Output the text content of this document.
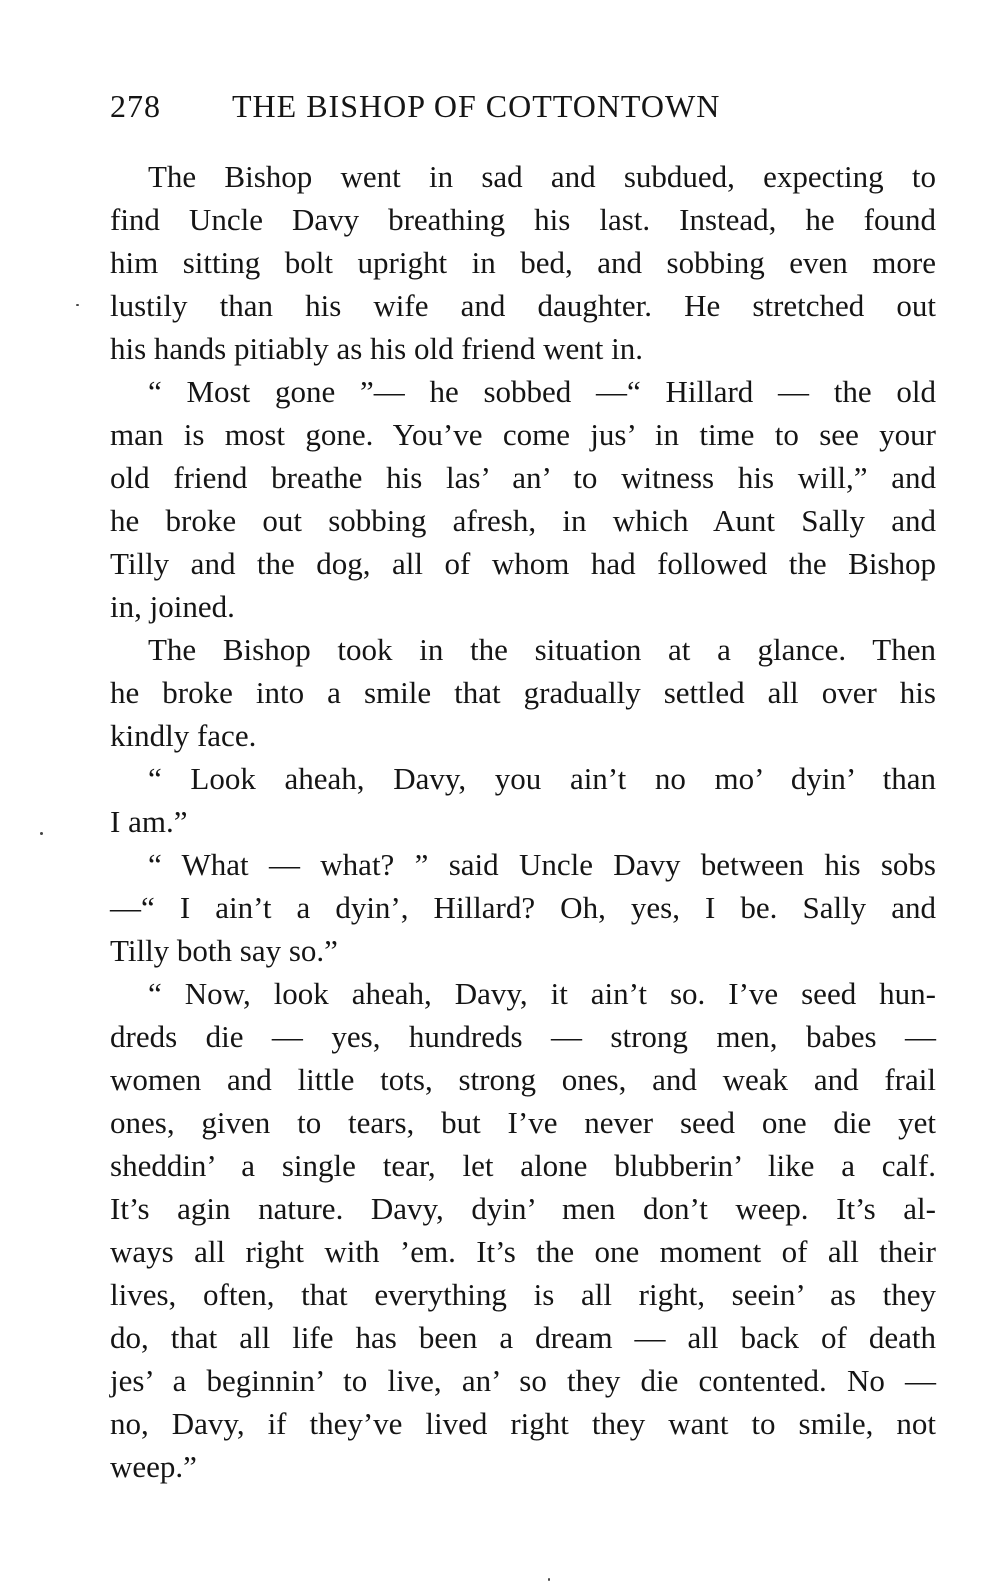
278 THE BISHOP OF COTTONTOWN
The Bishop went in sad and subdued, expecting to
find Uncle Davy breathing his last. Instead, he found
him sitting bolt upright in bed, and sobbing even more
lustily than his wife and daughter. He stretched out
his hands pitiably as his old friend went in.
“ Most gone ”— he sobbed —“ Hillard — the old
man is most gone. You’ve come jus’ in time to see your
old friend breathe his las’ an’ to witness his will,” and
he broke out sobbing afresh, in which Aunt Sally and
Tilly and the dog, all of whom had followed the Bishop
in, joined.
The Bishop took in the situation at a glance. Then
he broke into a smile that gradually settled all over his
kindly face.
“ Look aheah, Davy, you ain’t no mo’ dyin’ than
I am.”
“ What — what? ” said Uncle Davy between his sobs
—“ I ain’t a dyin’, Hillard? Oh, yes, I be. Sally and
Tilly both say so.”
“ Now, look aheah, Davy, it ain’t so. I’ve seed hun-
dreds die — yes, hundreds — strong men, babes —
women and little tots, strong ones, and weak and frail
ones, given to tears, but I’ve never seed one die yet
sheddin’ a single tear, let alone blubberin’ like a calf.
It’s agin nature. Davy, dyin’ men don’t weep. It’s al-
ways all right with ’em. It’s the one moment of all their
lives, often, that everything is all right, seein’ as they
do, that all life has been a dream — all back of death
jes’ a beginnin’ to live, an’ so they die contented. No —
no, Davy, if they’ve lived right they want to smile, not
weep.”
